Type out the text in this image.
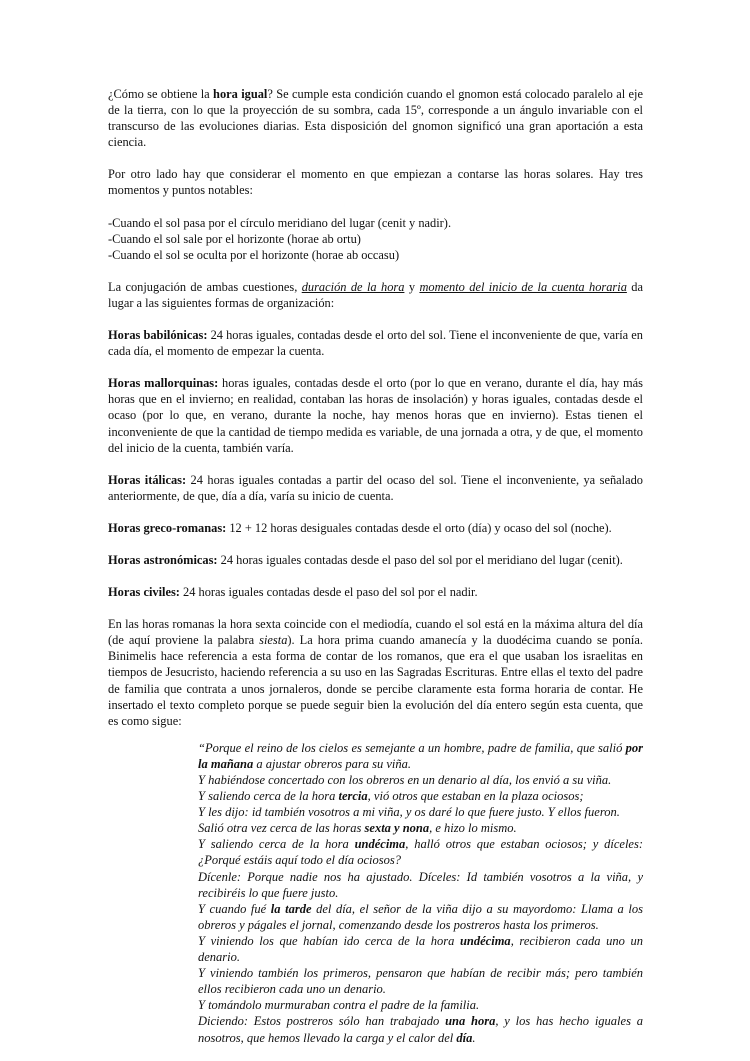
¿Cómo se obtiene la hora igual? Se cumple esta condición cuando el gnomon está colocado paralelo al eje de la tierra, con lo que la proyección de su sombra, cada 15º, corresponde a un ángulo invariable con el transcurso de las evoluciones diarias. Esta disposición del gnomon significó una gran aportación a esta ciencia.

Por otro lado hay que considerar el momento en que empiezan a contarse las horas solares. Hay tres momentos y puntos notables:

-Cuando el sol pasa por el círculo meridiano del lugar (cenit y nadir).
-Cuando el sol sale por el horizonte (horae ab ortu)
-Cuando el sol se oculta por el horizonte (horae ab occasu)

La conjugación de ambas cuestiones, duración de la hora y momento del inicio de la cuenta horaria da lugar a las siguientes formas de organización:

Horas babilónicas: 24 horas iguales, contadas desde el orto del sol. Tiene el inconveniente de que, varía en cada día, el momento de empezar la cuenta.

Horas mallorquinas: horas iguales, contadas desde el orto (por lo que en verano, durante el día, hay más horas que en el invierno; en realidad, contaban las horas de insolación) y horas iguales, contadas desde el ocaso (por lo que, en verano, durante la noche, hay menos horas que en invierno). Estas tienen el inconveniente de que la cantidad de tiempo medida es variable, de una jornada a otra, y de que, el momento del inicio de la cuenta, también varía.

Horas itálicas: 24 horas iguales contadas a partir del ocaso del sol. Tiene el inconveniente, ya señalado anteriormente, de que, día a día, varía su inicio de cuenta.

Horas greco-romanas: 12 + 12 horas desiguales contadas desde el orto (día) y ocaso del sol (noche).

Horas astronómicas: 24 horas iguales contadas desde el paso del sol por el meridiano del lugar (cenit).

Horas civiles: 24 horas iguales contadas desde el paso del sol por el nadir.

En las horas romanas la hora sexta coincide con el mediodía, cuando el sol está en la máxima altura del día (de aquí proviene la palabra siesta). La hora prima cuando amanecía y la duodécima cuando se ponía. Binimelis hace referencia a esta forma de contar de los romanos, que era el que usaban los israelitas en tiempos de Jesucristo, haciendo referencia a su uso en las Sagradas Escrituras. Entre ellas el texto del padre de familia que contrata a unos jornaleros, donde se percibe claramente esta forma horaria de contar. He insertado el texto completo porque se puede seguir bien la evolución del día entero según esta cuenta, que es como sigue:

“Porque el reino de los cielos es semejante a un hombre, padre de familia, que salió por la mañana a ajustar obreros para su viña.
Y habiéndose concertado con los obreros en un denario al día, los envió a su viña.
Y saliendo cerca de la hora tercia, vió otros que estaban en la plaza ociosos;
Y les dijo: id también vosotros a mi viña, y os daré lo que fuere justo. Y ellos fueron.
Salió otra vez cerca de las horas sexta y nona, e hizo lo mismo.
Y saliendo cerca de la hora undécima, halló otros que estaban ociosos; y díceles: ¿Porqué estáis aquí todo el día ociosos?
Dícenle: Porque nadie nos ha ajustado. Díceles: Id también vosotros a la viña, y recibiréis lo que fuere justo.
Y cuando fué la tarde del día, el señor de la viña dijo a su mayordomo: Llama a los obreros y págales el jornal, comenzando desde los postreros hasta los primeros.
Y viniendo los que habían ido cerca de la hora undécima, recibieron cada uno un denario.
Y viniendo también los primeros, pensaron que habían de recibir más; pero también ellos recibieron cada uno un denario.
Y tomándolo murmuraban contra el padre de la familia.
Diciendo: Estos postreros sólo han trabajado una hora, y los has hecho iguales a nosotros, que hemos llevado la carga y el calor del día.
